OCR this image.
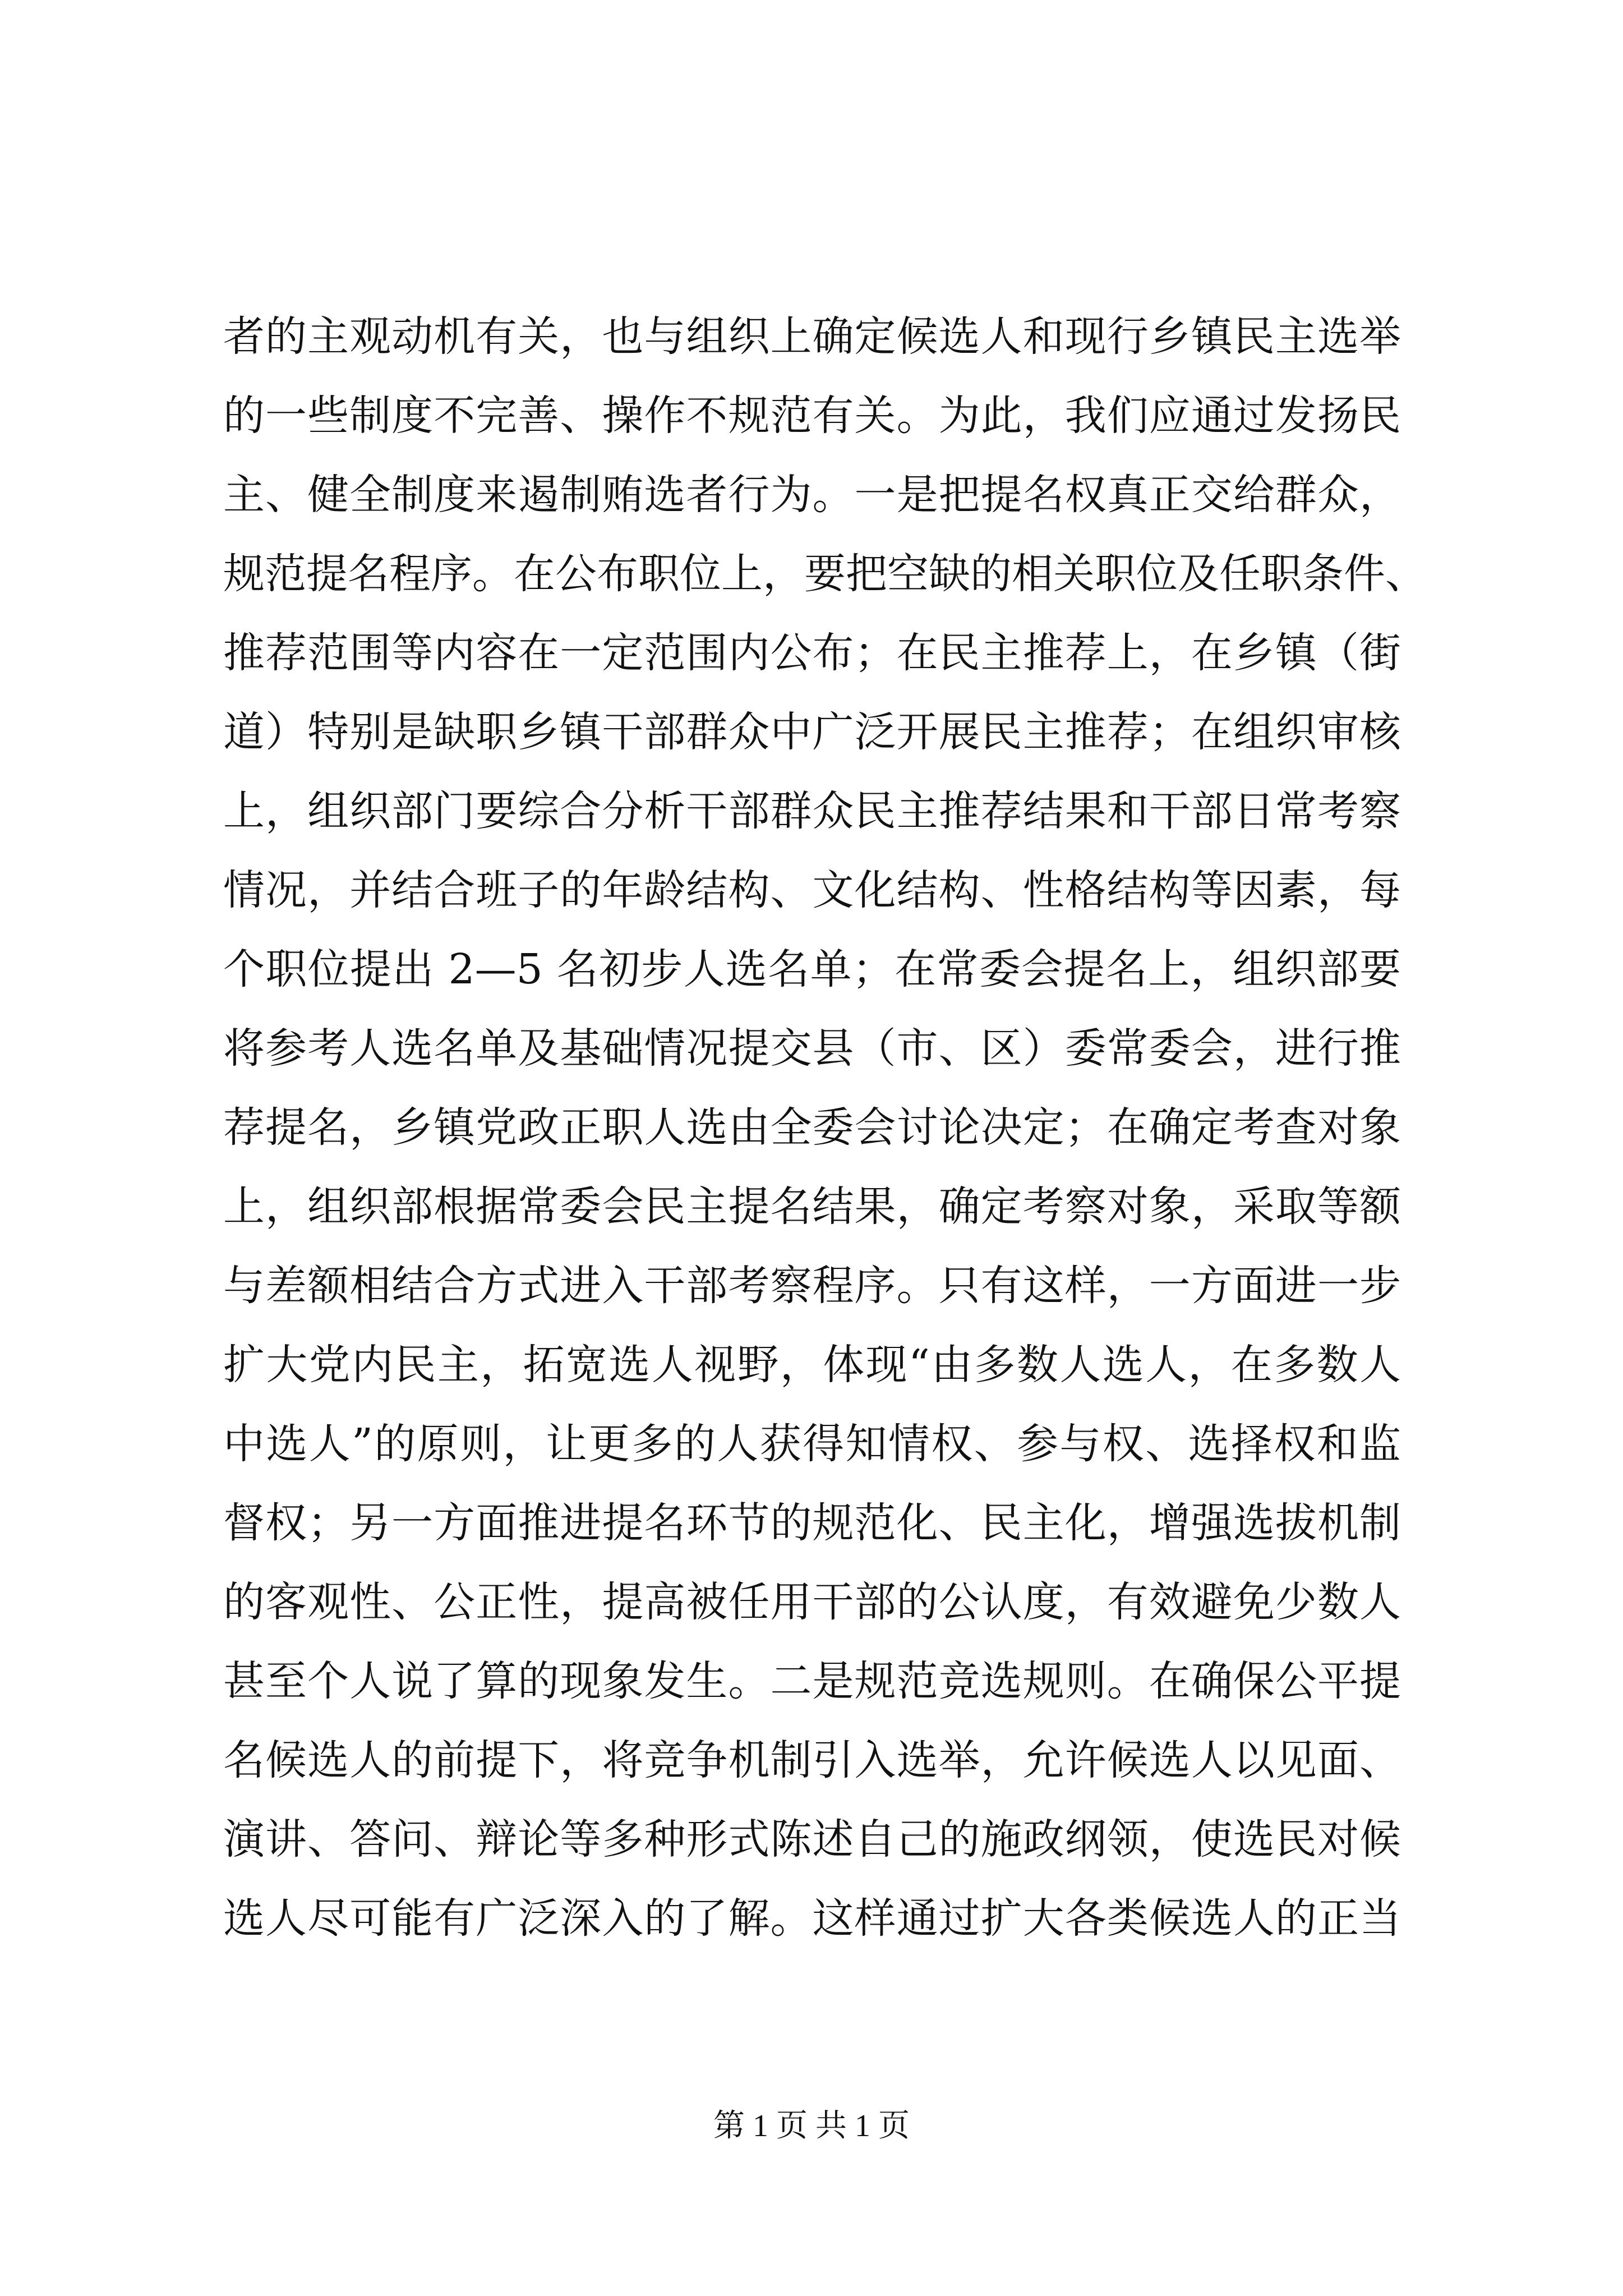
者的主观动机有关，也与组织上确定候选人和现行乡镇民主选举
的一些制度不完善、操作不规范有关。为此，我们应通过发扬民
主、健全制度来遏制贿选者行为。一是把提名权真正交给群众，
规范提名程序。在公布职位上，要把空缺的相关职位及任职条件、
推荐范围等内容在一定范围内公布；在民主推荐上，在乡镇（街
道）特别是缺职乡镇干部群众中广泛开展民主推荐；在组织审核
上，组织部门要综合分析干部群众民主推荐结果和干部日常考察
情况，并结合班子的年龄结构、文化结构、性格结构等因素，每
个职位提出 2—5 名初步人选名单；在常委会提名上，组织部要
将参考人选名单及基础情况提交县（市、区）委常委会，进行推
荐提名，乡镇党政正职人选由全委会讨论决定；在确定考查对象
上，组织部根据常委会民主提名结果，确定考察对象，采取等额
与差额相结合方式进入干部考察程序。只有这样，一方面进一步
扩大党内民主，拓宽选人视野，体现“由多数人选人，在多数人
中选人”的原则，让更多的人获得知情权、参与权、选择权和监
督权；另一方面推进提名环节的规范化、民主化，增强选拔机制
的客观性、公正性，提高被任用干部的公认度，有效避免少数人
甚至个人说了算的现象发生。二是规范竞选规则。在确保公平提
名候选人的前提下，将竞争机制引入选举，允许候选人以见面、
演讲、答问、辩论等多种形式陈述自己的施政纲领，使选民对候
选人尽可能有广泛深入的了解。这样通过扩大各类候选人的正当
第 1 页 共 1 页
